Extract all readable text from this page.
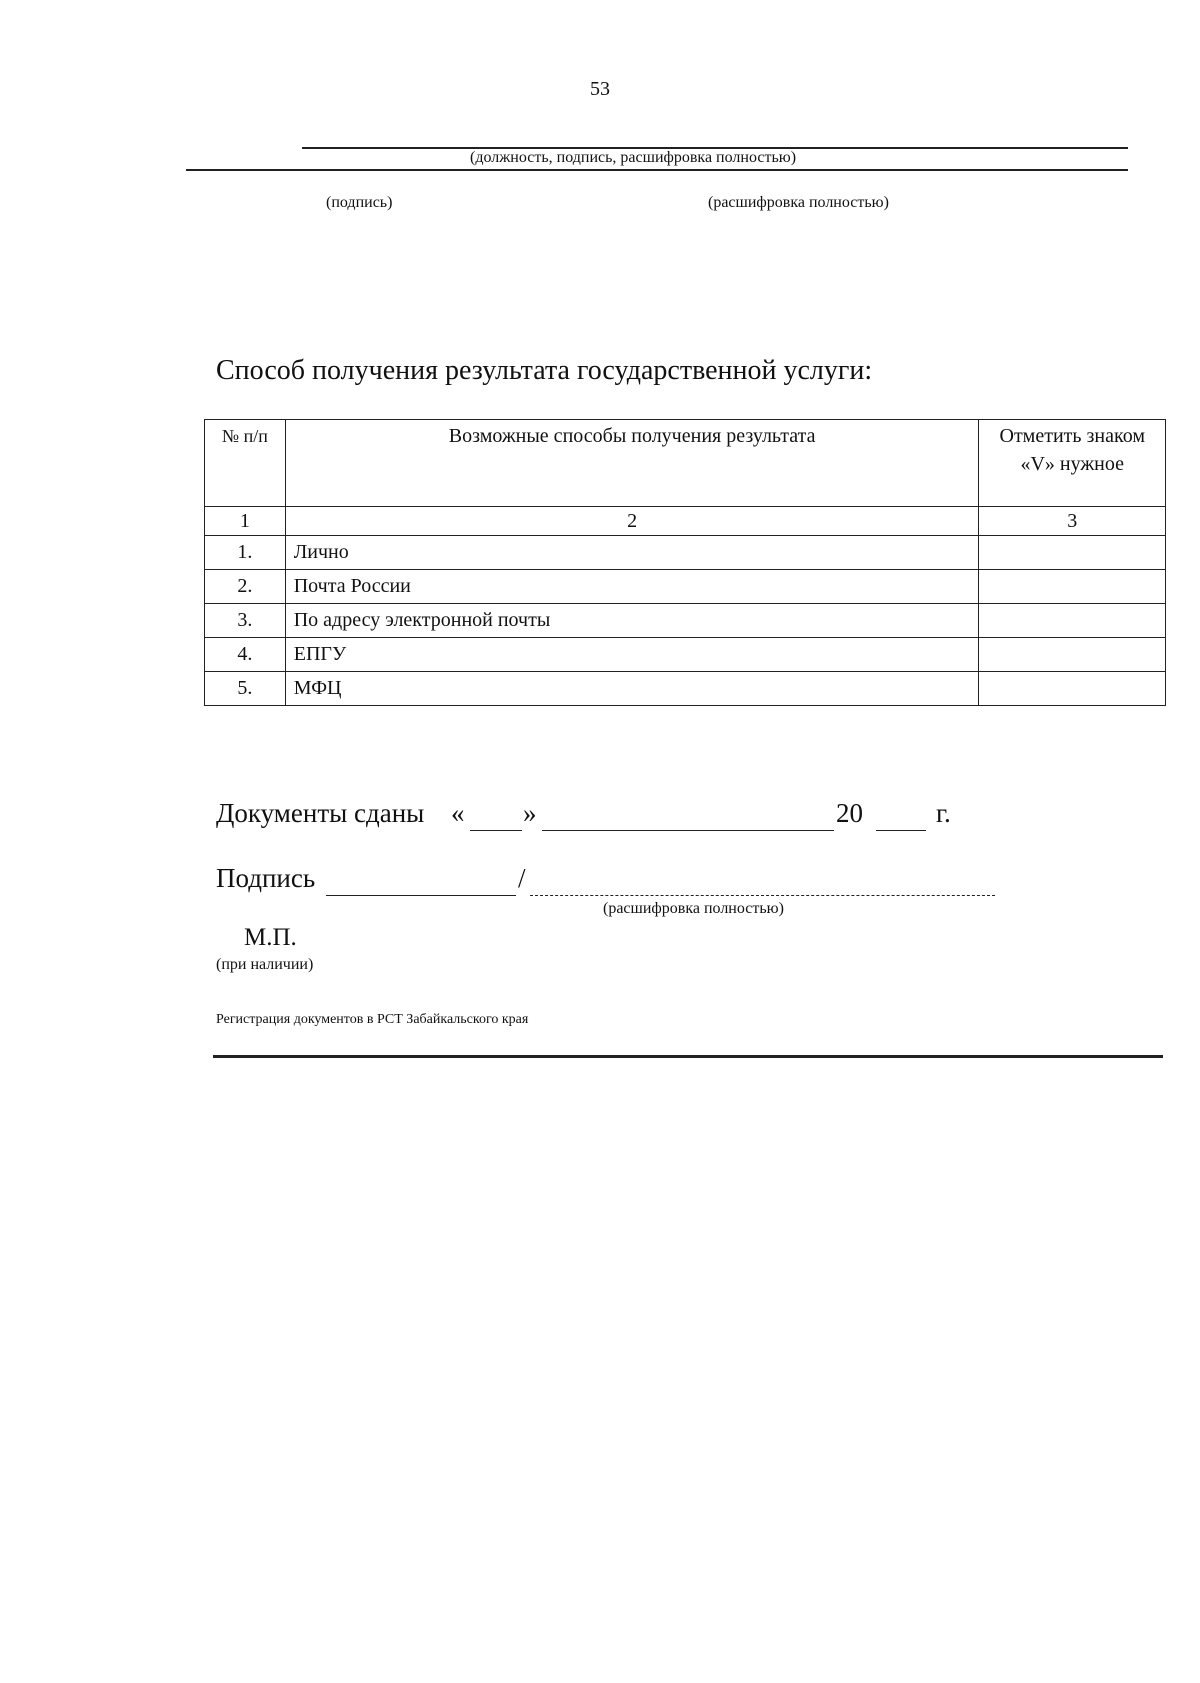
53
(должность, подпись, расшифровка полностью)
(подпись)	(расшифровка полностью)
Способ получения результата государственной услуги:
№ п/п	Возможные способы получения результата	Отметить знаком «V» нужное
1	2	3
1.	Лично	
2.	Почта России	
3.	По адресу электронной почты	
4.	ЕПГУ	
5.	МФЦ	
Документы сданы « »	20	г.
Подпись	/
(расшифровка полностью)
М.П.
(при наличии)
Регистрация документов в РСТ Забайкальского края
